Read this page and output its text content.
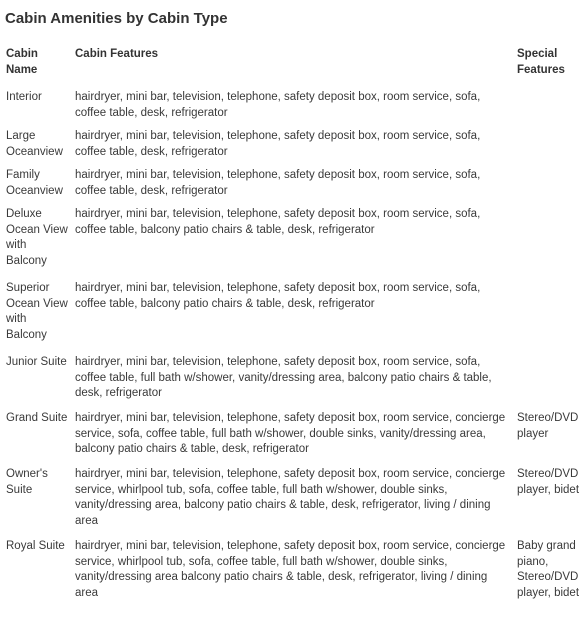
Cabin Amenities by Cabin Type
Cabin Name	Cabin Features	Special Features
Interior	hairdryer, mini bar, television, telephone, safety deposit box, room service, sofa, coffee table, desk, refrigerator	
Large Oceanview	hairdryer, mini bar, television, telephone, safety deposit box, room service, sofa, coffee table, desk, refrigerator	
Family Oceanview	hairdryer, mini bar, television, telephone, safety deposit box, room service, sofa, coffee table, desk, refrigerator	
Deluxe Ocean View with Balcony	hairdryer, mini bar, television, telephone, safety deposit box, room service, sofa, coffee table, balcony patio chairs & table, desk, refrigerator	
Superior Ocean View with Balcony	hairdryer, mini bar, television, telephone, safety deposit box, room service, sofa, coffee table, balcony patio chairs & table, desk, refrigerator	
Junior Suite	hairdryer, mini bar, television, telephone, safety deposit box, room service, sofa, coffee table, full bath w/shower, vanity/dressing area, balcony patio chairs & table, desk, refrigerator	
Grand Suite	hairdryer, mini bar, television, telephone, safety deposit box, room service, concierge service, sofa, coffee table, full bath w/shower, double sinks, vanity/dressing area, balcony patio chairs & table, desk, refrigerator	Stereo/DVD player
Owner's Suite	hairdryer, mini bar, television, telephone, safety deposit box, room service, concierge service, whirlpool tub, sofa, coffee table, full bath w/shower, double sinks, vanity/dressing area, balcony patio chairs & table, desk, refrigerator, living / dining area	Stereo/DVD player, bidet
Royal Suite	hairdryer, mini bar, television, telephone, safety deposit box, room service, concierge service, whirlpool tub, sofa, coffee table, full bath w/shower, double sinks, vanity/dressing area balcony patio chairs & table, desk, refrigerator, living / dining area	Baby grand piano, Stereo/DVD player, bidet
